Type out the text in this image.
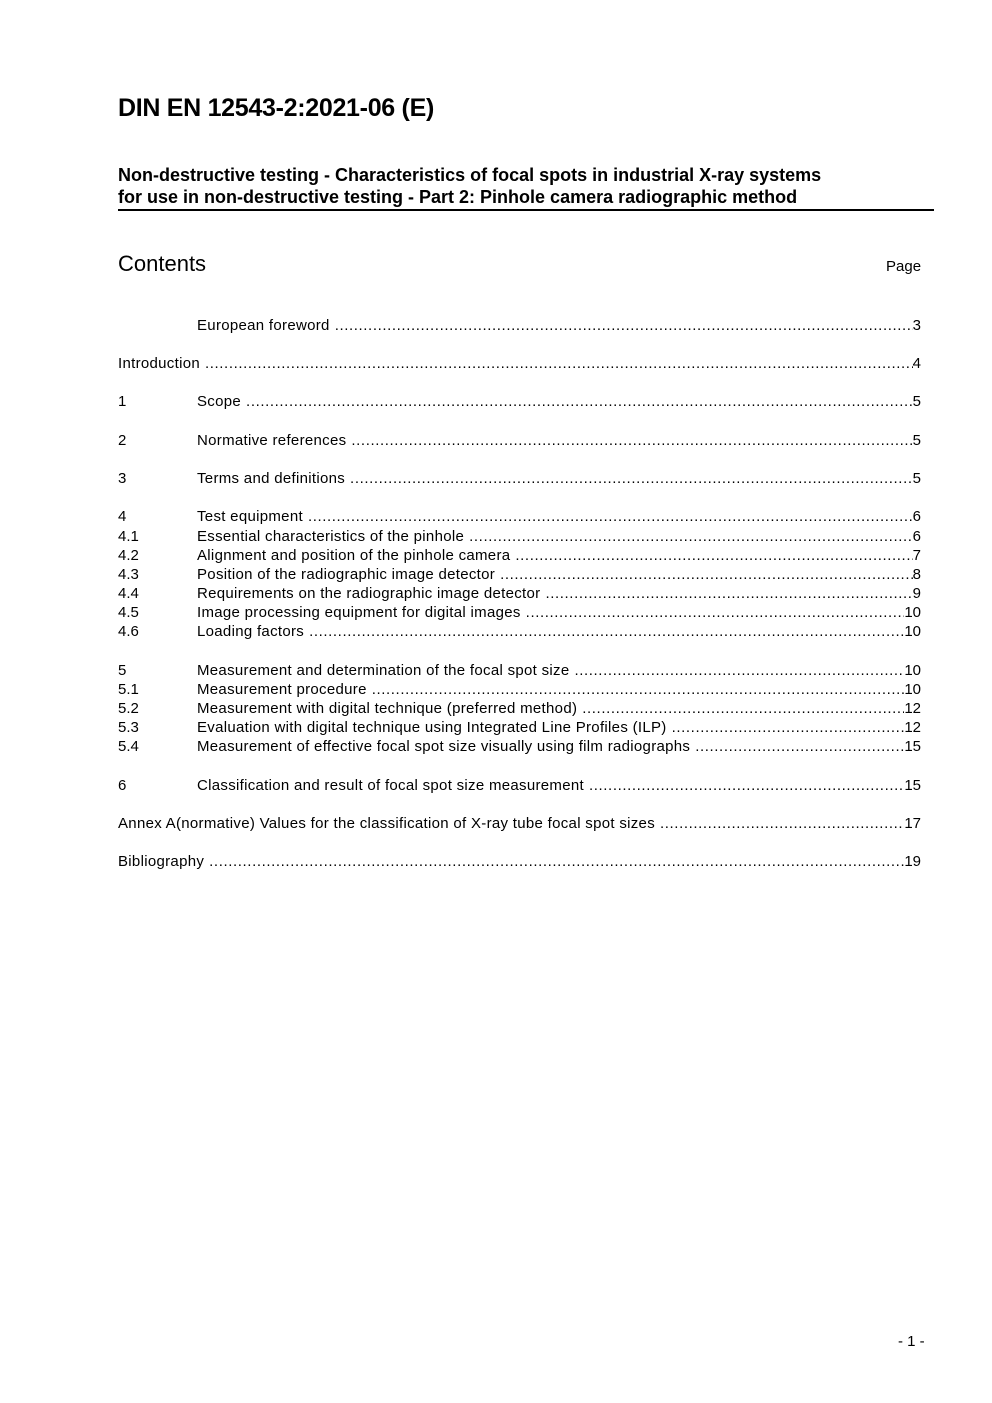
DIN EN 12543-2:2021-06 (E)
Non-destructive testing - Characteristics of focal spots in industrial X-ray systems
for use in non-destructive testing - Part 2: Pinhole camera radiographic method
Contents	Page
European foreword .....	3
Introduction .....	4
1	Scope .....	5
2	Normative references .....	5
3	Terms and definitions .....	5
4	Test equipment .....	6
4.1	Essential characteristics of the pinhole .....	6
4.2	Alignment and position of the pinhole camera .....	7
4.3	Position of the radiographic image detector .....	8
4.4	Requirements on the radiographic image detector .....	9
4.5	Image processing equipment for digital images .....	10
4.6	Loading factors .....	10
5	Measurement and determination of the focal spot size .....	10
5.1	Measurement procedure .....	10
5.2	Measurement with digital technique (preferred method) .....	12
5.3	Evaluation with digital technique using Integrated Line Profiles (ILP) .....	12
5.4	Measurement of effective focal spot size visually using film radiographs .....	15
6	Classification and result of focal spot size measurement .....	15
Annex A(normative) Values for the classification of X-ray tube focal spot sizes .....	17
Bibliography .....	19
- 1 -
